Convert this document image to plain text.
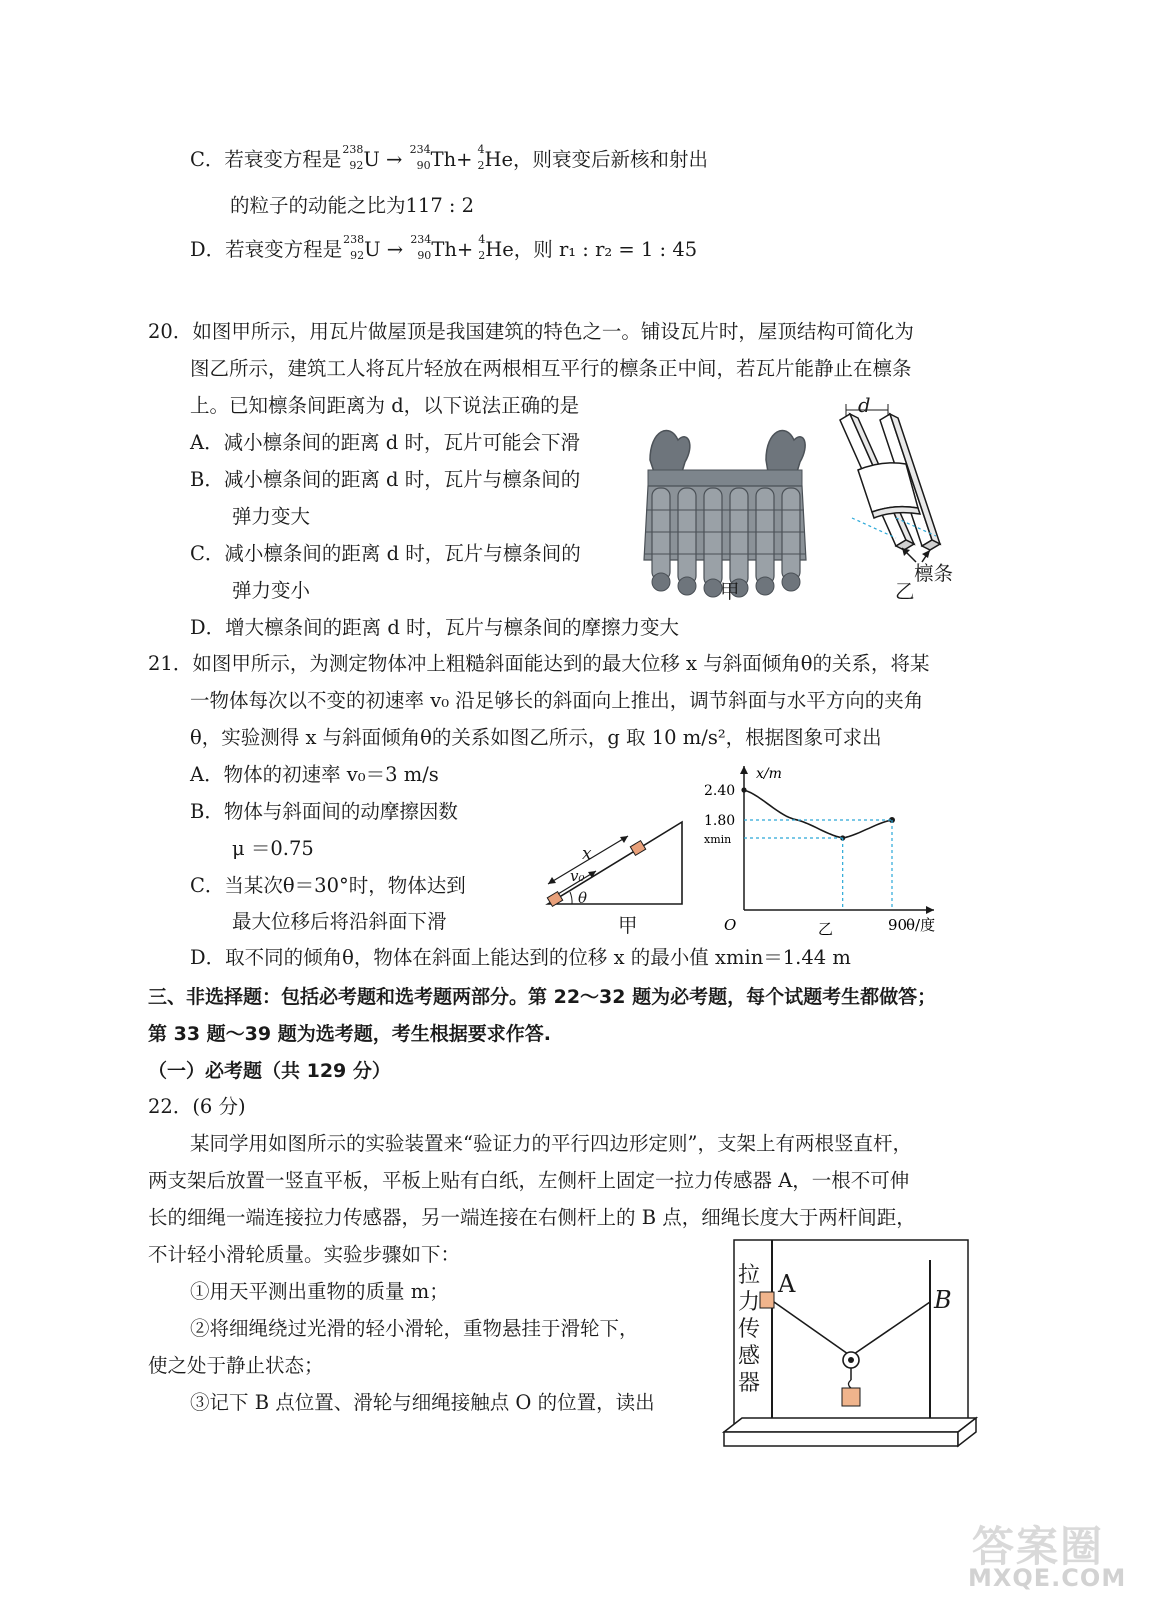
C．若衰变方程是 238
92 U → 234
90 Th+ 4
2 He，则衰变后新核和射出
的粒子的动能之比为117 : 2
D．若衰变方程是 238
92 U → 234
90 Th+ 4
2 He，则 r₁ : r₂ = 1 : 45
20．如图甲所示，用瓦片做屋顶是我国建筑的特色之一。铺设瓦片时，屋顶结构可简化为
图乙所示，建筑工人将瓦片轻放在两根相互平行的檩条正中间，若瓦片能静止在檩条
上。已知檩条间距离为 d，以下说法正确的是
A．减小檩条间的距离 d 时，瓦片可能会下滑
B．减小檩条间的距离 d 时，瓦片与檩条间的
弹力变大
C．减小檩条间的距离 d 时，瓦片与檩条间的
弹力变小
D．增大檩条间的距离 d 时，瓦片与檩条间的摩擦力变大
甲
d
檩条
乙
21．如图甲所示，为测定物体冲上粗糙斜面能达到的最大位移 x 与斜面倾角θ的关系，将某
一物体每次以不变的初速率 v₀ 沿足够长的斜面向上推出，调节斜面与水平方向的夹角
θ，实验测得 x 与斜面倾角θ的关系如图乙所示，g 取 10 m/s²，根据图象可求出
A．物体的初速率 v₀＝3 m/s
B．物体与斜面间的动摩擦因数
μ ＝0.75
C．当某次θ＝30°时，物体达到
最大位移后将沿斜面下滑
D．取不同的倾角θ，物体在斜面上能达到的位移 x 的最小值 xmin＝1.44 m
x
v₀
θ
甲
2.40
1.80
xmin
x/m
O	90
θ/度
乙
三、非选择题：包括必考题和选考题两部分。第 22～32 题为必考题，每个试题考生都做答；
第 33 题～39 题为选考题，考生根据要求作答.
（一）必考题（共 129 分）
22．(6 分)
某同学用如图所示的实验装置来“验证力的平行四边形定则”，支架上有两根竖直杆，
两支架后放置一竖直平板，平板上贴有白纸，左侧杆上固定一拉力传感器 A，一根不可伸
长的细绳一端连接拉力传感器，另一端连接在右侧杆上的 B 点，细绳长度大于两杆间距，
不计轻小滑轮质量。实验步骤如下：
①用天平测出重物的质量 m；
②将细绳绕过光滑的轻小滑轮，重物悬挂于滑轮下，
使之处于静止状态；
③记下 B 点位置、滑轮与细绳接触点 O 的位置，读出
拉
力
传
感
器
A
B
答案圈
MXQE.COM
